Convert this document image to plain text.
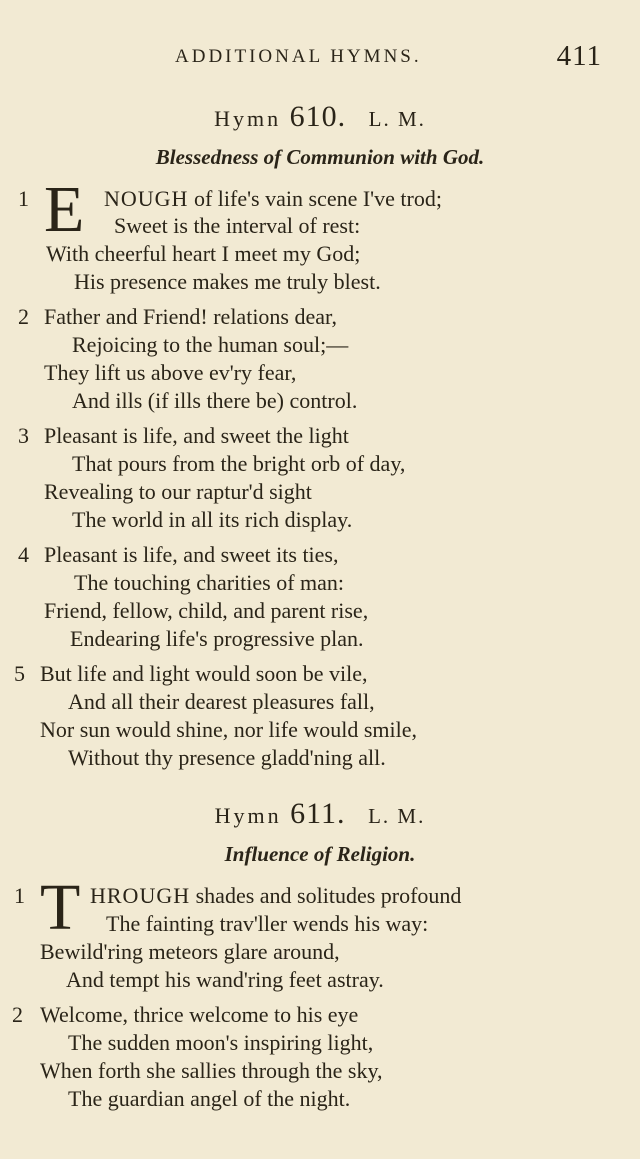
ADDITIONAL HYMNS.	411
Hymn 610. L. M.
Blessedness of Communion with God.
1 E NOUGH of life's vain scene I've trod;
Sweet is the interval of rest:
With cheerful heart I meet my God;
His presence makes me truly blest.
2 Father and Friend! relations dear,
Rejoicing to the human soul;—
They lift us above ev'ry fear,
And ills (if ills there be) control.
3 Pleasant is life, and sweet the light
That pours from the bright orb of day,
Revealing to our raptur'd sight
The world in all its rich display.
4 Pleasant is life, and sweet its ties,
The touching charities of man:
Friend, fellow, child, and parent rise,
Endearing life's progressive plan.
5 But life and light would soon be vile,
And all their dearest pleasures fall,
Nor sun would shine, nor life would smile,
Without thy presence gladd'ning all.
Hymn 611. L. M.
Influence of Religion.
1 T HROUGH shades and solitudes profound
The fainting trav'ller wends his way:
Bewild'ring meteors glare around,
And tempt his wand'ring feet astray.
2 Welcome, thrice welcome to his eye
The sudden moon's inspiring light,
When forth she sallies through the sky,
The guardian angel of the night.
